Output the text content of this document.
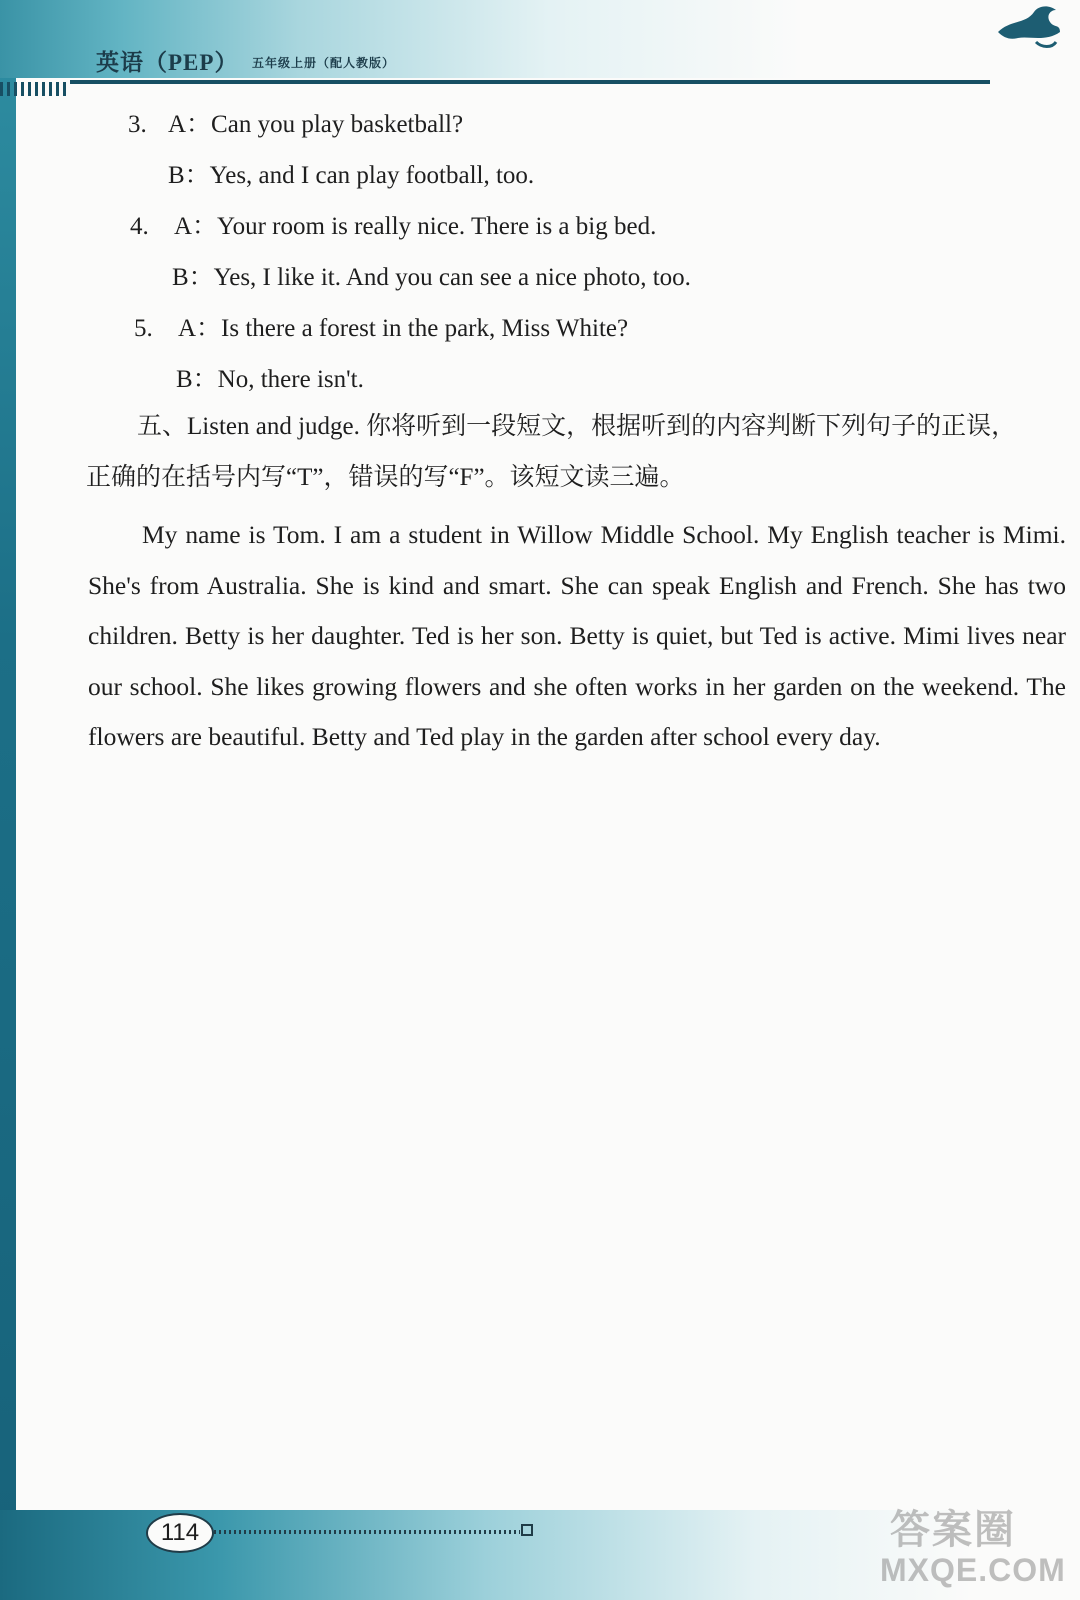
英语（PEP） 五年级上册（配人教版）
3. A：Can you play basketball?
B：Yes, and I can play football, too.
4. A：Your room is really nice. There is a big bed.
B：Yes, I like it. And you can see a nice photo, too.
5. A：Is there a forest in the park, Miss White?
B：No, there isn't.
五、Listen and judge. 你将听到一段短文，根据听到的内容判断下列句子的正误，
正确的在括号内写“T”，错误的写“F”。该短文读三遍。
My name is Tom. I am a student in Willow Middle School. My English teacher is Mimi. She's from Australia. She is kind and smart. She can speak English and French. She has two children. Betty is her daughter. Ted is her son. Betty is quiet, but Ted is active. Mimi lives near our school. She likes growing flowers and she often works in her garden on the weekend. The flowers are beautiful. Betty and Ted play in the garden after school every day.
114	答案圈
MXQE.COM
